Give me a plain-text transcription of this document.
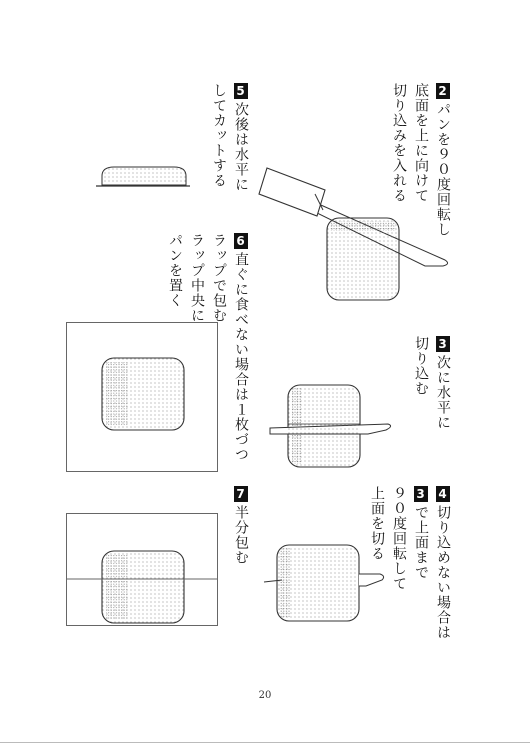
2パンを９０度回転し
底面を上に向けて
切り込みを入れる
5次後は水平に
してカットする
3次に水平に
切り込む
6直ぐに食べない場合は１枚づつ
ラップで包む
ラップ中央に
パンを置く
4切り込めない場合は
3で上面まで
９０度回転して
上面を切る
7半分包む
20
